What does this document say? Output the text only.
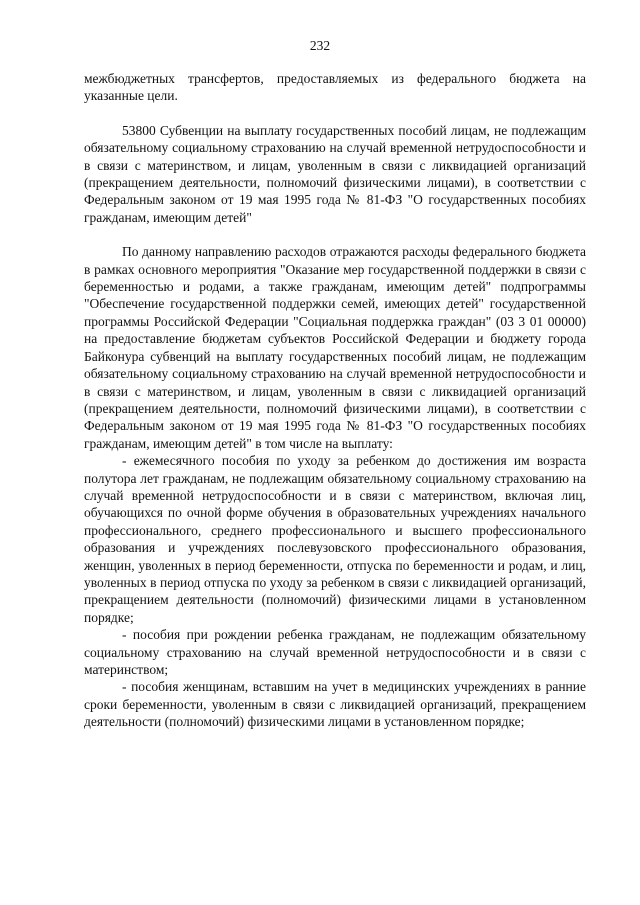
232

межбюджетных трансфертов, предоставляемых из федерального бюджета на указанные цели.

53800 Субвенции на выплату государственных пособий лицам, не подлежащим обязательному социальному страхованию на случай временной нетрудоспособности и в связи с материнством, и лицам, уволенным в связи с ликвидацией организаций (прекращением деятельности, полномочий физическими лицами), в соответствии с Федеральным законом от 19 мая 1995 года № 81-ФЗ "О государственных пособиях гражданам, имеющим детей"

По данному направлению расходов отражаются расходы федерального бюджета в рамках основного мероприятия "Оказание мер государственной поддержки в связи с беременностью и родами, а также гражданам, имеющим детей" подпрограммы "Обеспечение государственной поддержки семей, имеющих детей" государственной программы Российской Федерации "Социальная поддержка граждан" (03 3 01 00000) на предоставление бюджетам субъектов Российской Федерации и бюджету города Байконура субвенций на выплату государственных пособий лицам, не подлежащим обязательному социальному страхованию на случай временной нетрудоспособности и в связи с материнством, и лицам, уволенным в связи с ликвидацией организаций (прекращением деятельности, полномочий физическими лицами), в соответствии с Федеральным законом от 19 мая 1995 года № 81-ФЗ "О государственных пособиях гражданам, имеющим детей" в том числе на выплату:

- ежемесячного пособия по уходу за ребенком до достижения им возраста полутора лет гражданам, не подлежащим обязательному социальному страхованию на случай временной нетрудоспособности и в связи с материнством, включая лиц, обучающихся по очной форме обучения в образовательных учреждениях начального профессионального, среднего профессионального и высшего профессионального образования и учреждениях послевузовского профессионального образования, женщин, уволенных в период беременности, отпуска по беременности и родам, и лиц, уволенных в период отпуска по уходу за ребенком в связи с ликвидацией организаций, прекращением деятельности (полномочий) физическими лицами в установленном порядке;

- пособия при рождении ребенка гражданам, не подлежащим обязательному социальному страхованию на случай временной нетрудоспособности и в связи с материнством;

- пособия женщинам, вставшим на учет в медицинских учреждениях в ранние сроки беременности, уволенным в связи с ликвидацией организаций, прекращением деятельности (полномочий) физическими лицами в установленном порядке;
